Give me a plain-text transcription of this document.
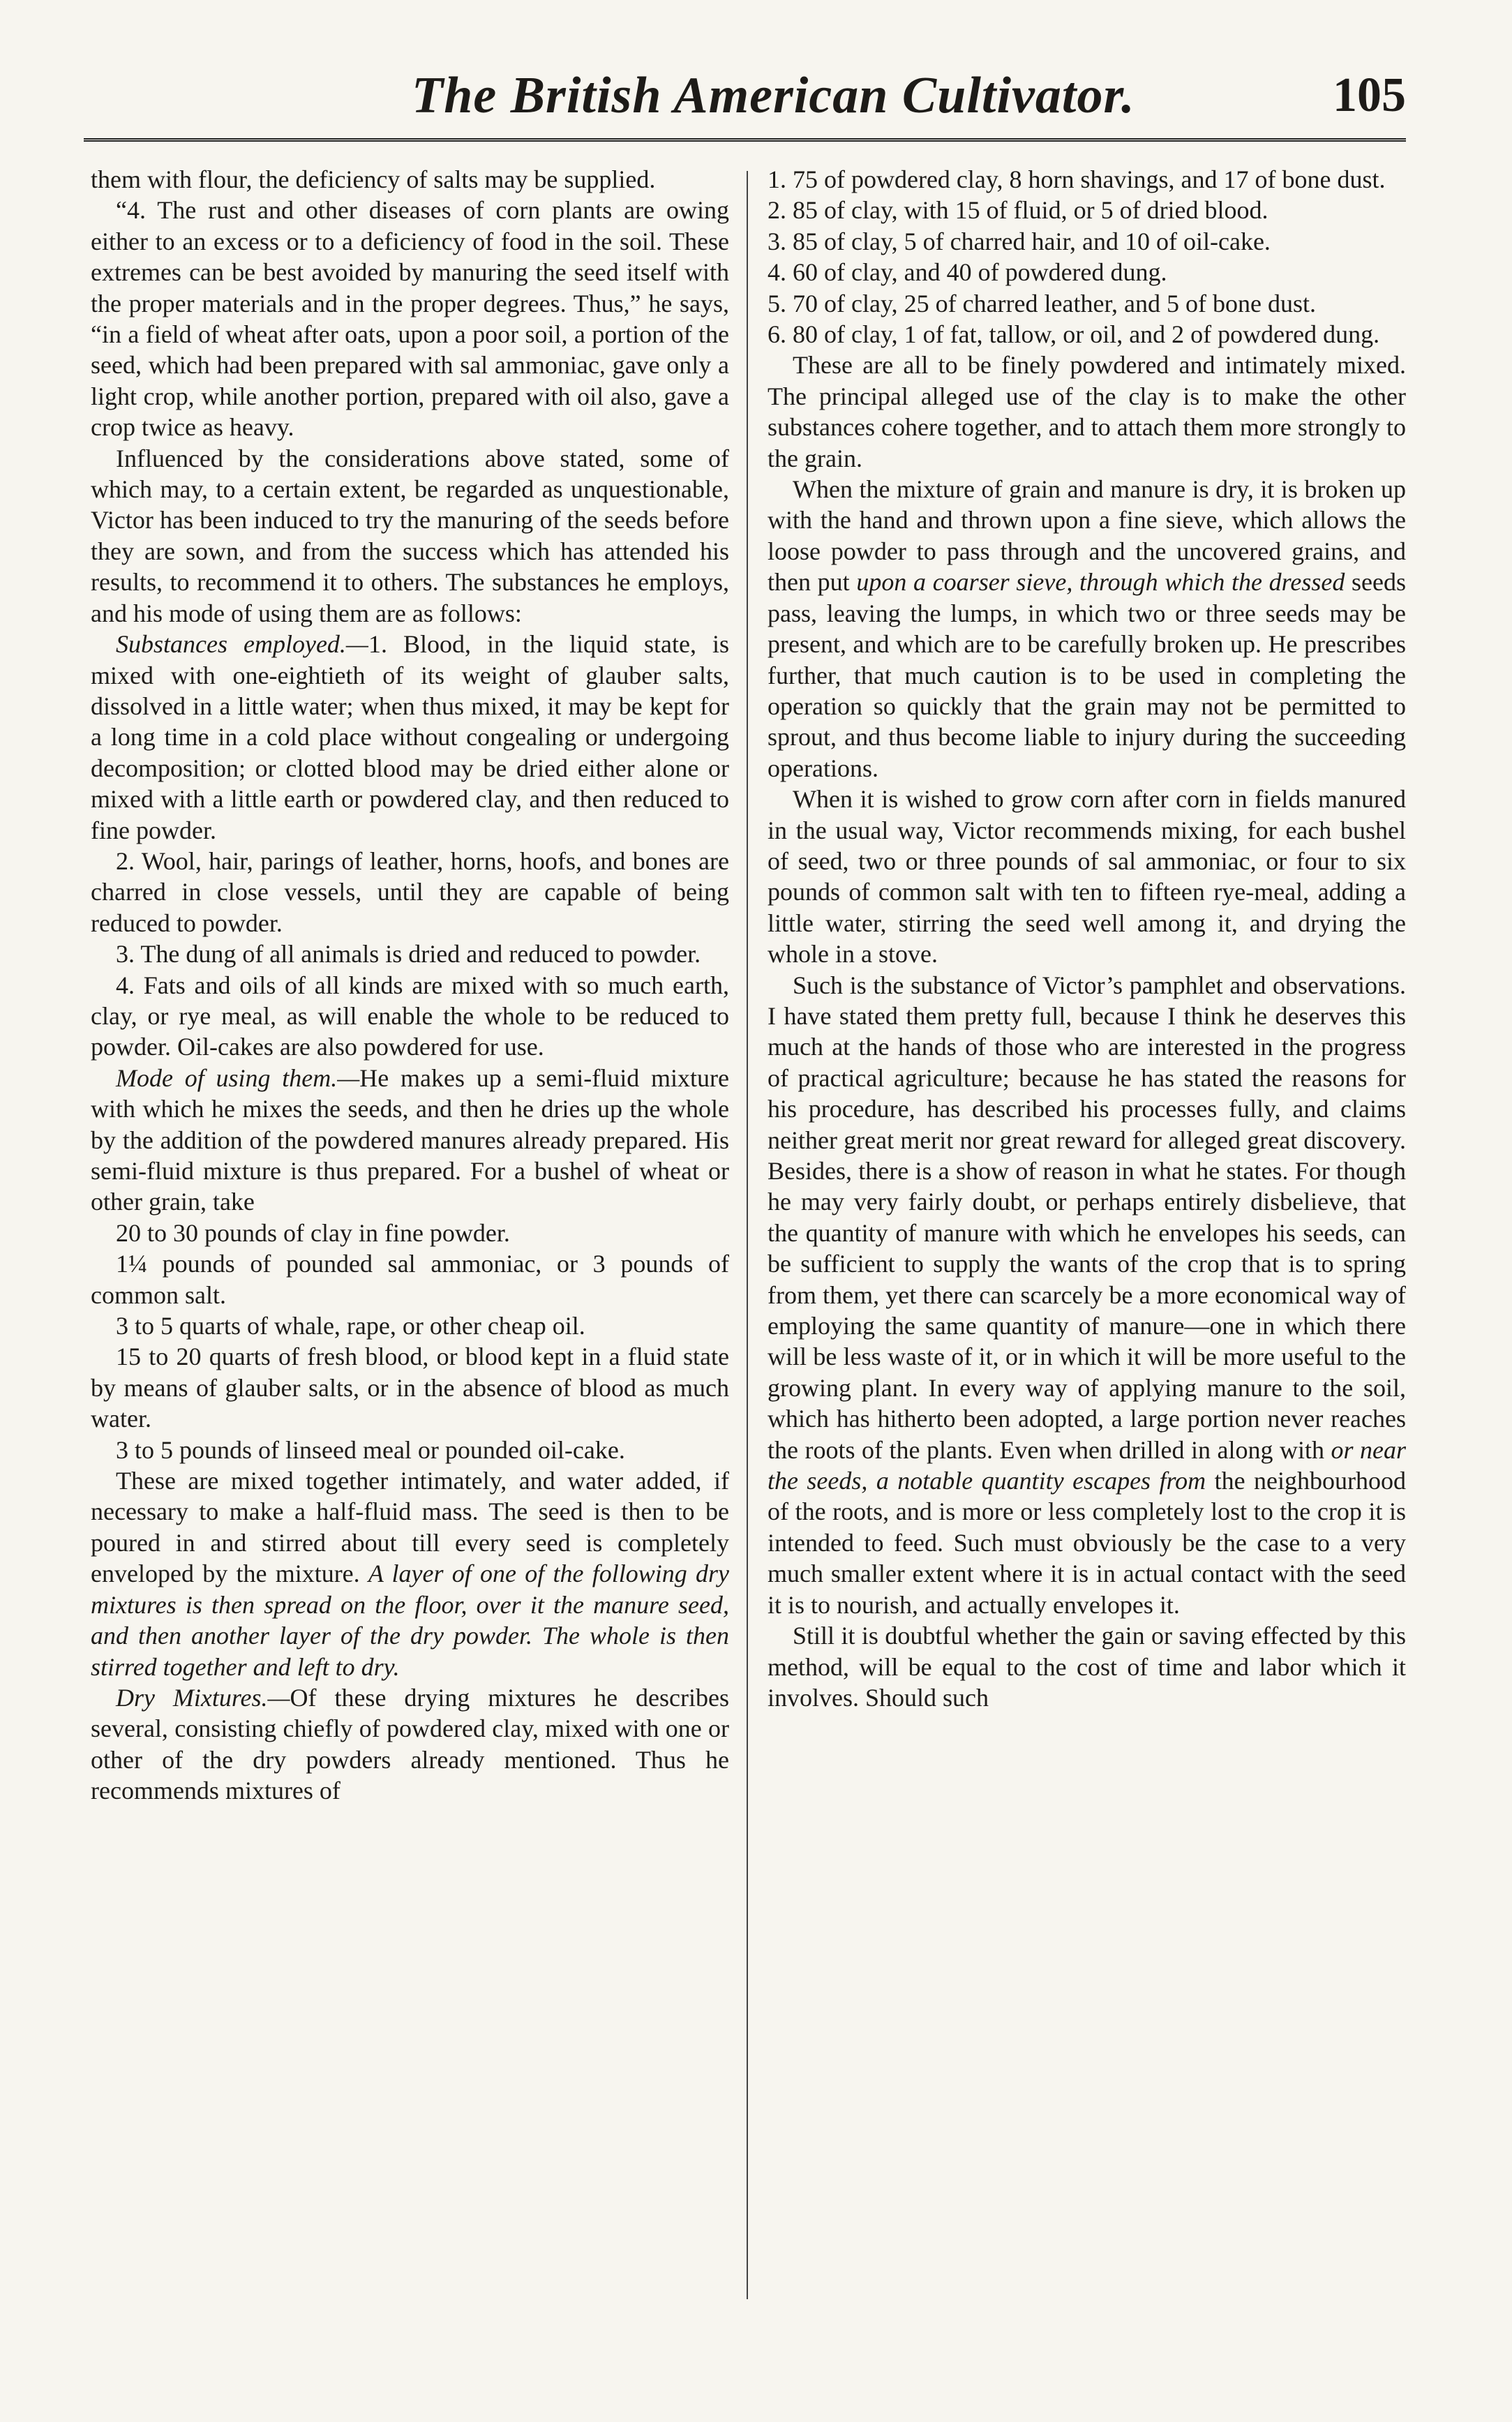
The British American Cultivator.	105

them with flour, the deficiency of salts may be supplied.

“4. The rust and other diseases of corn plants are owing either to an excess or to a deficiency of food in the soil. These extremes can be best avoided by manuring the seed itself with the proper materials and in the proper degrees. Thus,” he says, “in a field of wheat after oats, upon a poor soil, a portion of the seed, which had been prepared with sal ammoniac, gave only a light crop, while another portion, prepared with oil also, gave a crop twice as heavy.

Influenced by the considerations above stated, some of which may, to a certain extent, be regarded as unquestionable, Victor has been induced to try the manuring of the seeds before they are sown, and from the success which has attended his results, to recommend it to others. The substances he employs, and his mode of using them are as follows:

Substances employed.—1. Blood, in the liquid state, is mixed with one-eightieth of its weight of glauber salts, dissolved in a little water; when thus mixed, it may be kept for a long time in a cold place without congealing or undergoing decomposition; or clotted blood may be dried either alone or mixed with a little earth or powdered clay, and then reduced to fine powder.

2. Wool, hair, parings of leather, horns, hoofs, and bones are charred in close vessels, until they are capable of being reduced to powder.

3. The dung of all animals is dried and reduced to powder.

4. Fats and oils of all kinds are mixed with so much earth, clay, or rye meal, as will enable the whole to be reduced to powder. Oil-cakes are also powdered for use.

Mode of using them.—He makes up a semi-fluid mixture with which he mixes the seeds, and then he dries up the whole by the addition of the powdered manures already prepared. His semi-fluid mixture is thus prepared. For a bushel of wheat or other grain, take

20 to 30 pounds of clay in fine powder.

1¼ pounds of pounded sal ammoniac, or 3 pounds of common salt.

3 to 5 quarts of whale, rape, or other cheap oil.

15 to 20 quarts of fresh blood, or blood kept in a fluid state by means of glauber salts, or in the absence of blood as much water.

3 to 5 pounds of linseed meal or pounded oil-cake.

These are mixed together intimately, and water added, if necessary to make a half-fluid mass. The seed is then to be poured in and stirred about till every seed is completely enveloped by the mixture. A layer of one of the following dry mixtures is then spread on the floor, over it the manure seed, and then another layer of the dry powder. The whole is then stirred together and left to dry.

Dry Mixtures.—Of these drying mixtures he describes several, consisting chiefly of powdered clay, mixed with one or other of the dry powders already mentioned. Thus he recommends mixtures of

1. 75 of powdered clay, 8 horn shavings, and 17 of bone dust.

2. 85 of clay, with 15 of fluid, or 5 of dried blood.

3. 85 of clay, 5 of charred hair, and 10 of oil-cake.

4. 60 of clay, and 40 of powdered dung.

5. 70 of clay, 25 of charred leather, and 5 of bone dust.

6. 80 of clay, 1 of fat, tallow, or oil, and 2 of powdered dung.

These are all to be finely powdered and intimately mixed. The principal alleged use of the clay is to make the other substances cohere together, and to attach them more strongly to the grain.

When the mixture of grain and manure is dry, it is broken up with the hand and thrown upon a fine sieve, which allows the loose powder to pass through and the uncovered grains, and then put upon a coarser sieve, through which the dressed seeds pass, leaving the lumps, in which two or three seeds may be present, and which are to be carefully broken up. He prescribes further, that much caution is to be used in completing the operation so quickly that the grain may not be permitted to sprout, and thus become liable to injury during the succeeding operations.

When it is wished to grow corn after corn in fields manured in the usual way, Victor recommends mixing, for each bushel of seed, two or three pounds of sal ammoniac, or four to six pounds of common salt with ten to fifteen rye-meal, adding a little water, stirring the seed well among it, and drying the whole in a stove.

Such is the substance of Victor’s pamphlet and observations. I have stated them pretty full, because I think he deserves this much at the hands of those who are interested in the progress of practical agriculture; because he has stated the reasons for his procedure, has described his processes fully, and claims neither great merit nor great reward for alleged great discovery. Besides, there is a show of reason in what he states. For though he may very fairly doubt, or perhaps entirely disbelieve, that the quantity of manure with which he envelopes his seeds, can be sufficient to supply the wants of the crop that is to spring from them, yet there can scarcely be a more economical way of employing the same quantity of manure—one in which there will be less waste of it, or in which it will be more useful to the growing plant. In every way of applying manure to the soil, which has hitherto been adopted, a large portion never reaches the roots of the plants. Even when drilled in along with or near the seeds, a notable quantity escapes from the neighbourhood of the roots, and is more or less completely lost to the crop it is intended to feed. Such must obviously be the case to a very much smaller extent where it is in actual contact with the seed it is to nourish, and actually envelopes it.

Still it is doubtful whether the gain or saving effected by this method, will be equal to the cost of time and labor which it involves. Should such
